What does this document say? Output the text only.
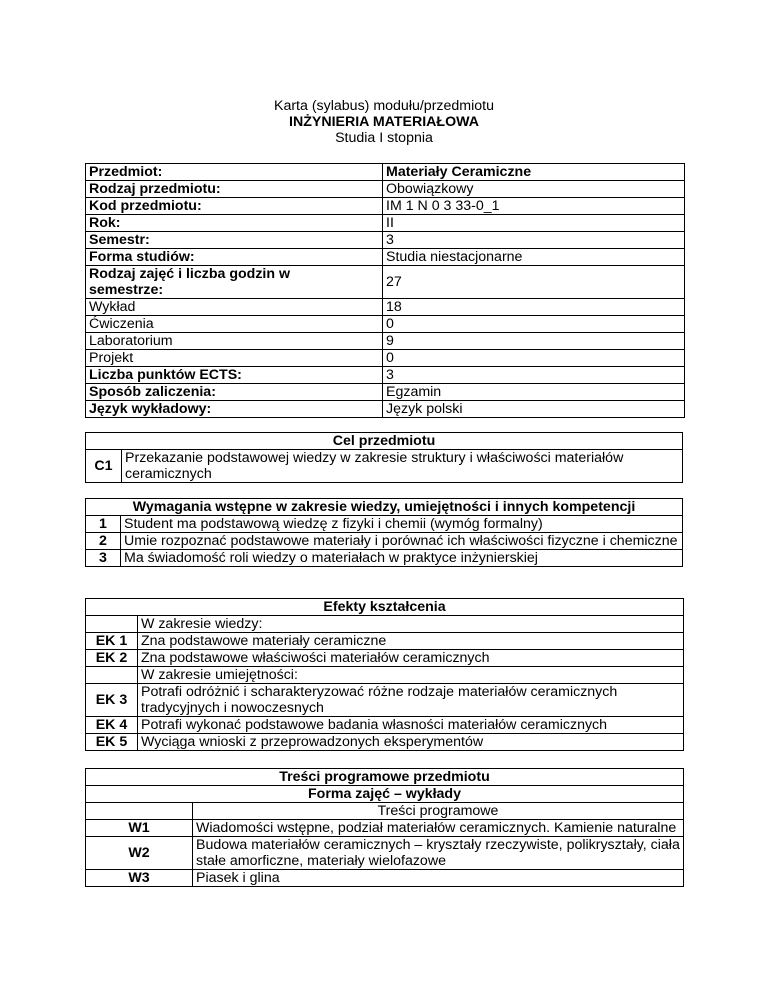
Karta (sylabus) modułu/przedmiotu
INŻYNIERIA MATERIAŁOWA
Studia I stopnia
Przedmiot:	Materiały Ceramiczne
Rodzaj przedmiotu:	Obowiązkowy
Kod przedmiotu:	IM 1 N 0 3 33-0_1
Rok:	II
Semestr:	3
Forma studiów:	Studia niestacjonarne
Rodzaj zajęć i liczba godzin w semestrze:	27
Wykład	18
Ćwiczenia	0
Laboratorium	9
Projekt	0
Liczba punktów ECTS:	3
Sposób zaliczenia:	Egzamin
Język wykładowy:	Język polski
Cel przedmiotu
C1	Przekazanie podstawowej wiedzy w zakresie struktury i właściwości materiałów ceramicznych
Wymagania wstępne w zakresie wiedzy, umiejętności i innych kompetencji	
1	Student ma podstawową wiedzę z fizyki i chemii (wymóg formalny)
2	Umie rozpoznać podstawowe materiały i porównać ich właściwości fizyczne i chemiczne
3	Ma świadomość roli wiedzy o materiałach w praktyce inżynierskiej
Efekty kształcenia	
	W zakresie wiedzy:
EK 1	Zna podstawowe materiały ceramiczne
EK 2	Zna podstawowe właściwości materiałów ceramicznych
	W zakresie umiejętności:
EK 3	Potrafi odróżnić i scharakteryzować różne rodzaje materiałów ceramicznych tradycyjnych i nowoczesnych
EK 4	Potrafi wykonać podstawowe badania własności materiałów ceramicznych
EK 5	Wyciąga wnioski z przeprowadzonych eksperymentów
Treści programowe przedmiotu	
Forma zajęć – wykłady	
	Treści programowe
W1	Wiadomości wstępne, podział materiałów ceramicznych. Kamienie naturalne
W2	Budowa materiałów ceramicznych – kryształy rzeczywiste, polikryształy, ciała stałe amorficzne, materiały wielofazowe
W3	Piasek i glina
